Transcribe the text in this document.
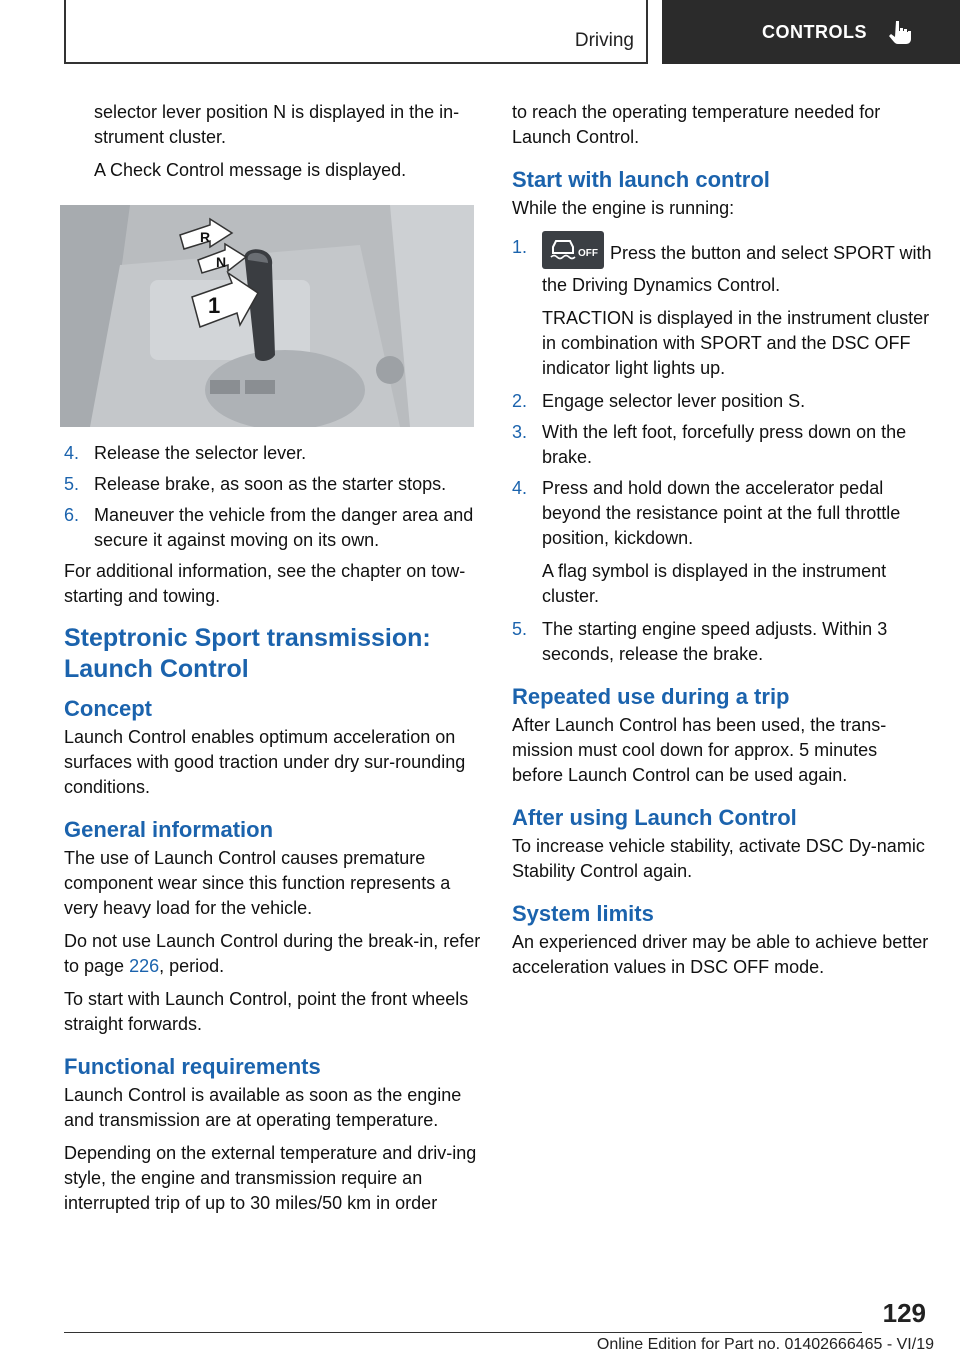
Driving	CONTROLS

selector lever position N is displayed in the in-strument cluster.

A Check Control message is displayed.

R
N
1
4. Release the selector lever.
5. Release brake, as soon as the starter stops.
6. Maneuver the vehicle from the danger area and secure it against moving on its own.

For additional information, see the chapter on tow-starting and towing.

Steptronic Sport transmission: Launch Control
Concept

Launch Control enables optimum acceleration on surfaces with good traction under dry sur-rounding conditions.

General information

The use of Launch Control causes premature component wear since this function represents a very heavy load for the vehicle.

Do not use Launch Control during the break-in, refer to page 226, period.

To start with Launch Control, point the front wheels straight forwards.

Functional requirements

Launch Control is available as soon as the engine and transmission are at operating temperature.

Depending on the external temperature and driv-ing style, the engine and transmission require an interrupted trip of up to 30 miles/50 km in order

to reach the operating temperature needed for Launch Control.

Start with launch control

While the engine is running:

1.	OFF Press the button and select SPORT with the Driving Dynamics Control.

TRACTION is displayed in the instrument cluster in combination with SPORT and the DSC OFF indicator light lights up.

2. Engage selector lever position S.
3. With the left foot, forcefully press down on the brake.
4. Press and hold down the accelerator pedal beyond the resistance point at the full throttle position, kickdown.

A flag symbol is displayed in the instrument cluster.

5. The starting engine speed adjusts. Within 3 seconds, release the brake.
Repeated use during a trip

After Launch Control has been used, the trans-mission must cool down for approx. 5 minutes before Launch Control can be used again.

After using Launch Control

To increase vehicle stability, activate DSC Dy-namic Stability Control again.

System limits

An experienced driver may be able to achieve better acceleration values in DSC OFF mode.

129
Online Edition for Part no. 01402666465 - VI/19
